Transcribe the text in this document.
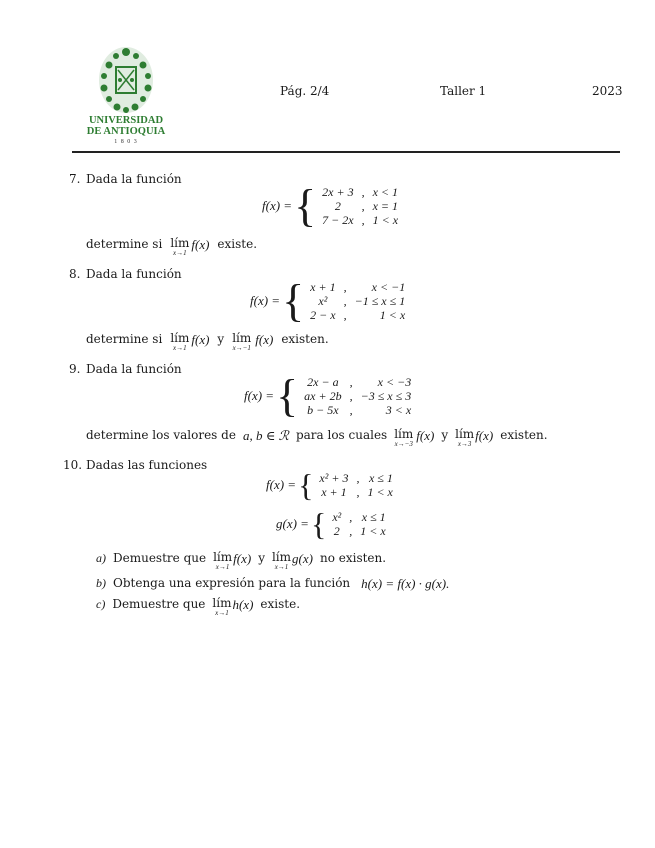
UNIVERSIDAD
DE ANTIOQUIA
1 8 0 3
Pág. 2/4	Taller 1	2023
7. Dada la función
f(x) = { 2x + 3	,	x < 1
2	,	x = 1
7 − 2x	,	1 < x
determine si lím
x→1
f(x) existe.
8. Dada la función
f(x) = { x + 1	,	x < −1
x²	,	−1 ≤ x ≤ 1
2 − x	,	1 < x
determine si lím
x→1
f(x) y lím
x→−1
f(x) existen.
9. Dada la función
f(x) = { 2x − a	,	x < −3
ax + 2b	,	−3 ≤ x ≤ 3
b − 5x	,	3 < x
determine los valores de a, b ∈ ℛ para los cuales lím
x→−3
f(x) y lím
x→3
f(x) existen.
10. Dadas las funciones
f(x) = { x² + 3	,	x ≤ 1
x + 1	,	1 < x
g(x) = { x²	,	x ≤ 1
2	,	1 < x
a) Demuestre que lím
x→1
f(x) y lím
x→1
g(x) no existen.
b) Obtenga una expresión para la función h(x) = f(x) · g(x).
c) Demuestre que lím
x→1
h(x) existe.
